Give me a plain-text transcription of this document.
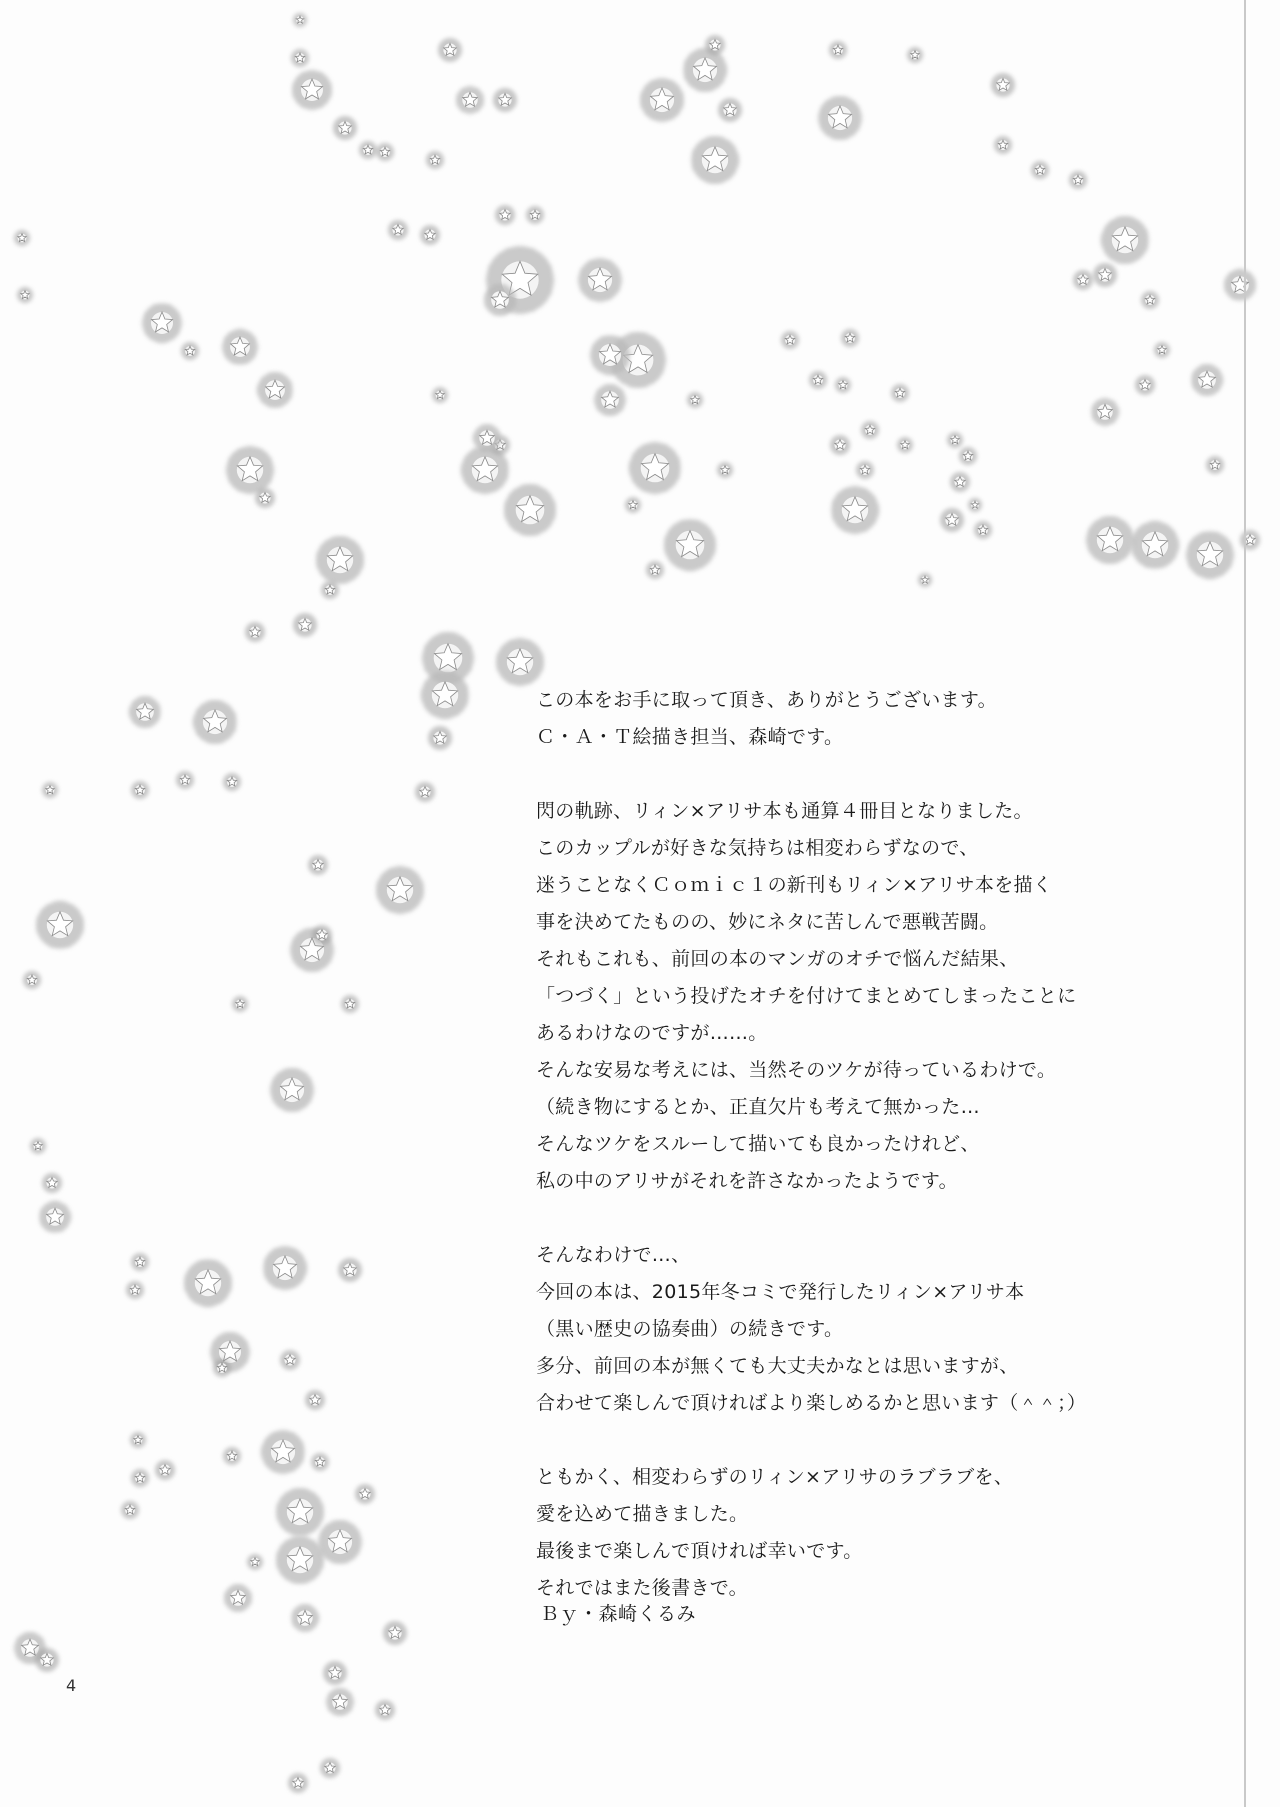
この本をお手に取って頂き、ありがとうございます。
Ｃ・Ａ・Ｔ絵描き担当、森崎です。
閃の軌跡、リィン×アリサ本も通算４冊目となりました。
このカップルが好きな気持ちは相変わらずなので、
迷うことなくＣｏｍｉｃ１の新刊もリィン×アリサ本を描く
事を決めてたものの、妙にネタに苦しんで悪戦苦闘。
それもこれも、前回の本のマンガのオチで悩んだ結果、
「つづく」という投げたオチを付けてまとめてしまったことに
あるわけなのですが……。
そんな安易な考えには、当然そのツケが待っているわけで。
（続き物にするとか、正直欠片も考えて無かった…
そんなツケをスルーして描いても良かったけれど、
私の中のアリサがそれを許さなかったようです。
そんなわけで…、
今回の本は、2015年冬コミで発行したリィン×アリサ本
（黒い歴史の協奏曲）の続きです。
多分、前回の本が無くても大丈夫かなとは思いますが、
合わせて楽しんで頂ければより楽しめるかと思います（＾＾；）
ともかく、相変わらずのリィン×アリサのラブラブを、
愛を込めて描きました。
最後まで楽しんで頂ければ幸いです。
それではまた後書きで。
Ｂｙ・森崎くるみ
4
